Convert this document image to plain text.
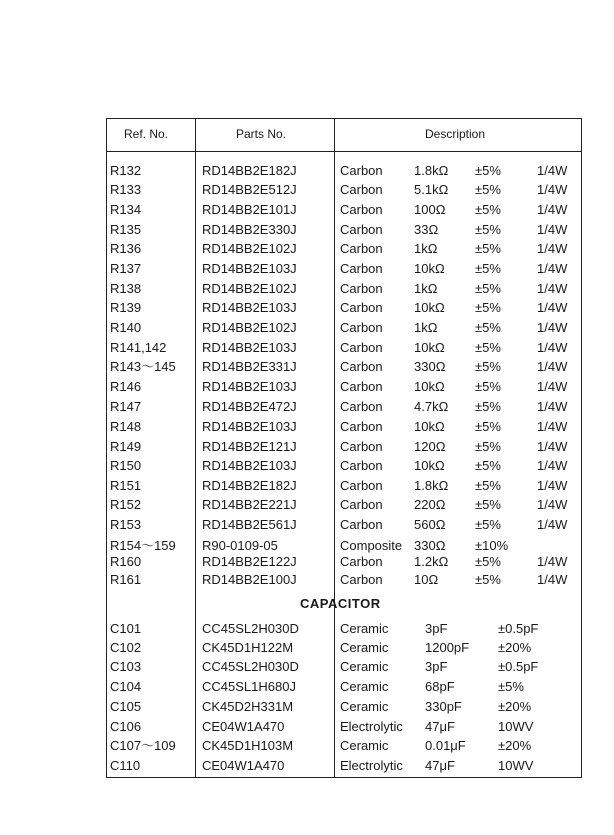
Ref. No.	Parts No.	Description
R132	RD14BB2E182J	Carbon 1.8kΩ ±5%	1/4W
R133	RD14BB2E512J	Carbon 5.1kΩ ±5%	1/4W
R134	RD14BB2E101J	Carbon 100Ω ±5%	1/4W
R135	RD14BB2E330J	Carbon 33Ω	±5%	1/4W
R136	RD14BB2E102J	Carbon 1kΩ	±5%	1/4W
R137	RD14BB2E103J	Carbon 10kΩ ±5%	1/4W
R138	RD14BB2E102J	Carbon 1kΩ	±5%	1/4W
R139	RD14BB2E103J	Carbon 10kΩ ±5%	1/4W
R140	RD14BB2E102J	Carbon 1kΩ	±5%	1/4W
R141,142	RD14BB2E103J	Carbon 10kΩ ±5%	1/4W
R143～145 RD14BB2E331J	Carbon 330Ω ±5%	1/4W
R146	RD14BB2E103J	Carbon 10kΩ ±5%	1/4W
R147	RD14BB2E472J	Carbon 4.7kΩ ±5%	1/4W
R148	RD14BB2E103J	Carbon 10kΩ ±5%	1/4W
R149	RD14BB2E121J	Carbon 120Ω ±5%	1/4W
R150	RD14BB2E103J	Carbon 10kΩ ±5%	1/4W
R151	RD14BB2E182J	Carbon 1.8kΩ ±5%	1/4W
R152	RD14BB2E221J	Carbon 220Ω ±5%	1/4W
R153	RD14BB2E561J	Carbon 560Ω ±5%	1/4W
R154～159 R90-0109-05	Composite 330Ω ±10%
R160	RD14BB2E122J	Carbon 1.2kΩ ±5%	1/4W
R161	RD14BB2E100J	Carbon 10Ω	±5%	1/4W
CAPACITOR
C101	CC45SL2H030D	Ceramic	3pF	±0.5pF
C102	CK45D1H122M	Ceramic	1200pF ±20%
C103	CC45SL2H030D	Ceramic	3pF	±0.5pF
C104	CC45SL1H680J	Ceramic	68pF	±5%
C105	CK45D2H331M	Ceramic	330pF	±20%
C106	CE04W1A470	Electrolytic 47μF	10WV
C107～109 CK45D1H103M	Ceramic	0.01μF ±20%
C110	CE04W1A470	Electrolytic 47μF	10WV
